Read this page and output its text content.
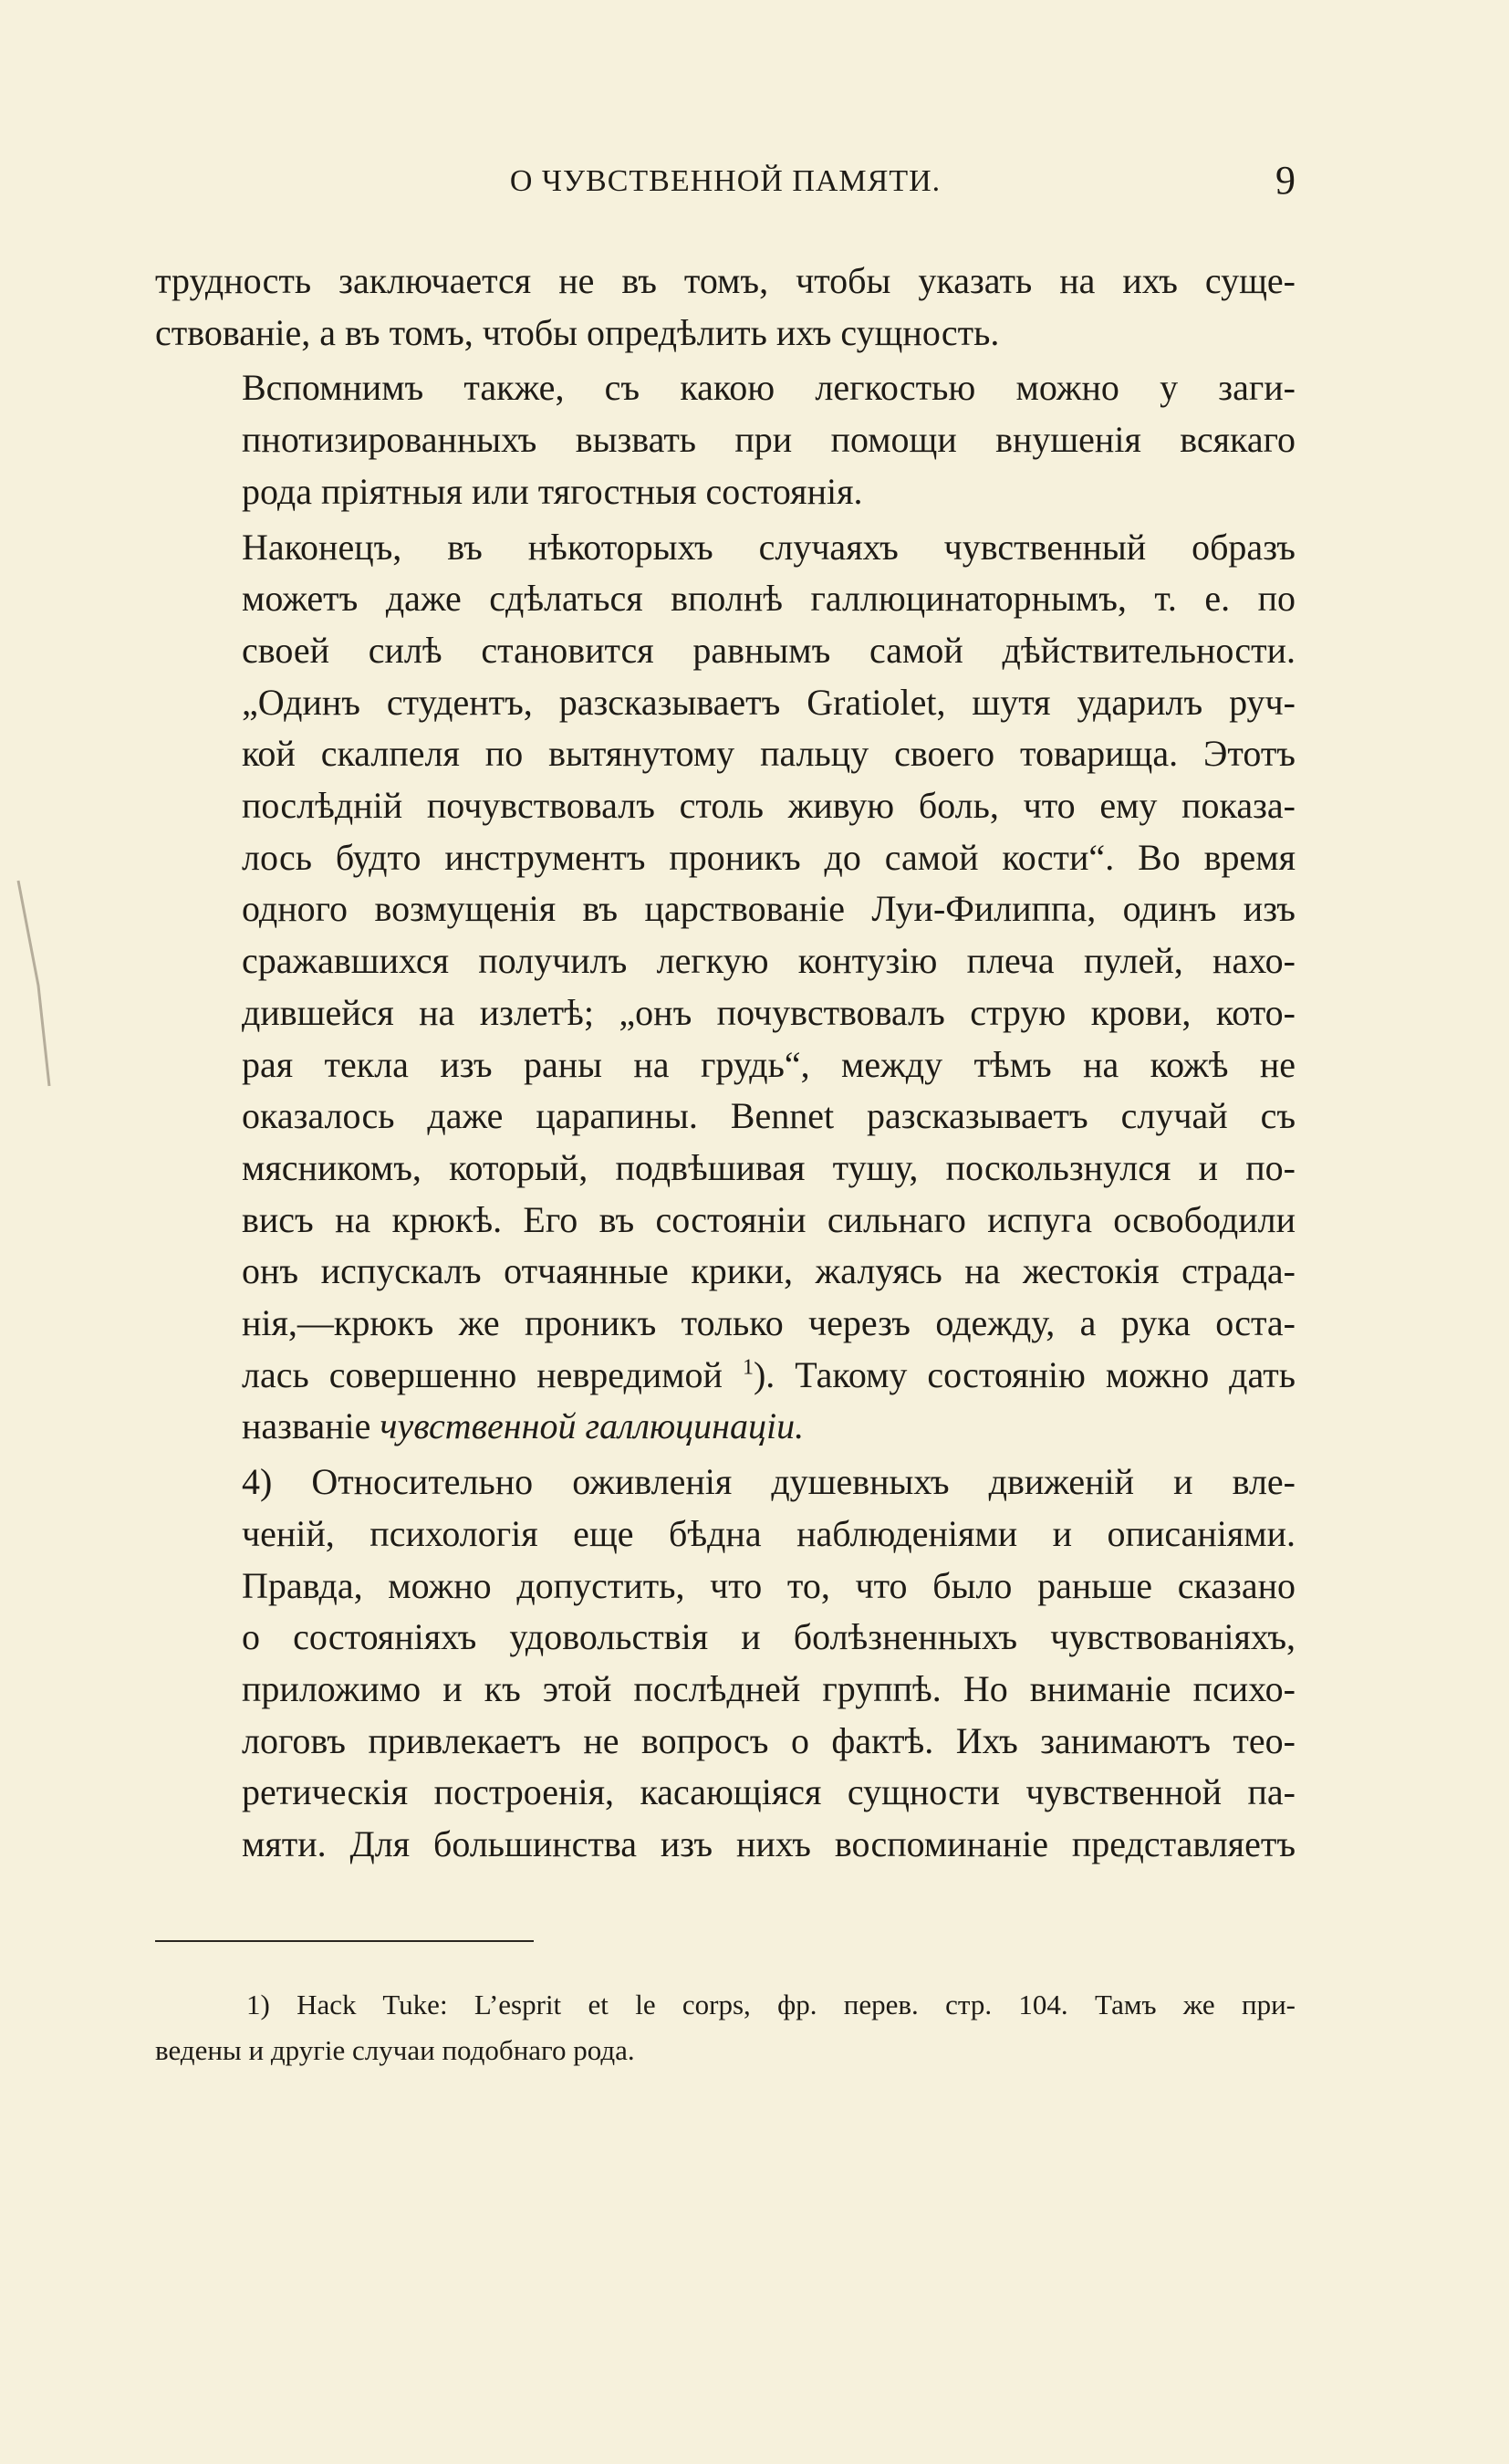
О ЧУВСТВЕННОЙ ПАМЯТИ.	9

трудность заключается не въ томъ, чтобы указать на ихъ суще-
ствованіе, а въ томъ, чтобы опредѣлить ихъ сущность.

Вспомнимъ также, съ какою легкостью можно у заги-
пнотизированныхъ вызвать при помощи внушенія всякаго
рода пріятныя или тягостныя состоянія.

Наконецъ, въ нѣкоторыхъ случаяхъ чувственный образъ
можетъ даже сдѣлаться вполнѣ галлюцинаторнымъ, т. е. по
своей силѣ становится равнымъ самой дѣйствительности.
„Одинъ студентъ, разсказываетъ Gratiolet, шутя ударилъ руч-
кой скалпеля по вытянутому пальцу своего товарища. Этотъ
послѣдній почувствовалъ столь живую боль, что ему показа-
лось будто инструментъ проникъ до самой кости“. Во время
одного возмущенія въ царствованіе Луи-Филиппа, одинъ изъ
сражавшихся получилъ легкую контузію плеча пулей, нахо-
дившейся на излетѣ; „онъ почувствовалъ струю крови, кото-
рая текла изъ раны на грудь“, между тѣмъ на кожѣ не
оказалось даже царапины. Bennet разсказываетъ случай съ
мясникомъ, который, подвѣшивая тушу, поскользнулся и по-
висъ на крюкѣ. Его въ состояніи сильнаго испуга освободили
онъ испускалъ отчаянные крики, жалуясь на жестокія страда-
нія,—крюкъ же проникъ только черезъ одежду, а рука оста-
лась совершенно невредимой $^1$). Такому состоянію можно дать
названіе чувственной галлюцинаціи.

4) Относительно оживленія душевныхъ движеній и вле-
ченій, психологія еще бѣдна наблюденіями и описаніями.
Правда, можно допустить, что то, что было раньше сказано
о состояніяхъ удовольствія и болѣзненныхъ чувствованіяхъ,
приложимо и къ этой послѣдней группѣ. Но вниманіе психо-
логовъ привлекаетъ не вопросъ о фактѣ. Ихъ занимаютъ тео-
ретическія построенія, касающіяся сущности чувственной па-
мяти. Для большинства изъ нихъ воспоминаніе представляетъ

1) Hack Tuke: L’esprit et le corps, фр. перев. стр. 104. Тамъ же при-
ведены и другіе случаи подобнаго рода.
